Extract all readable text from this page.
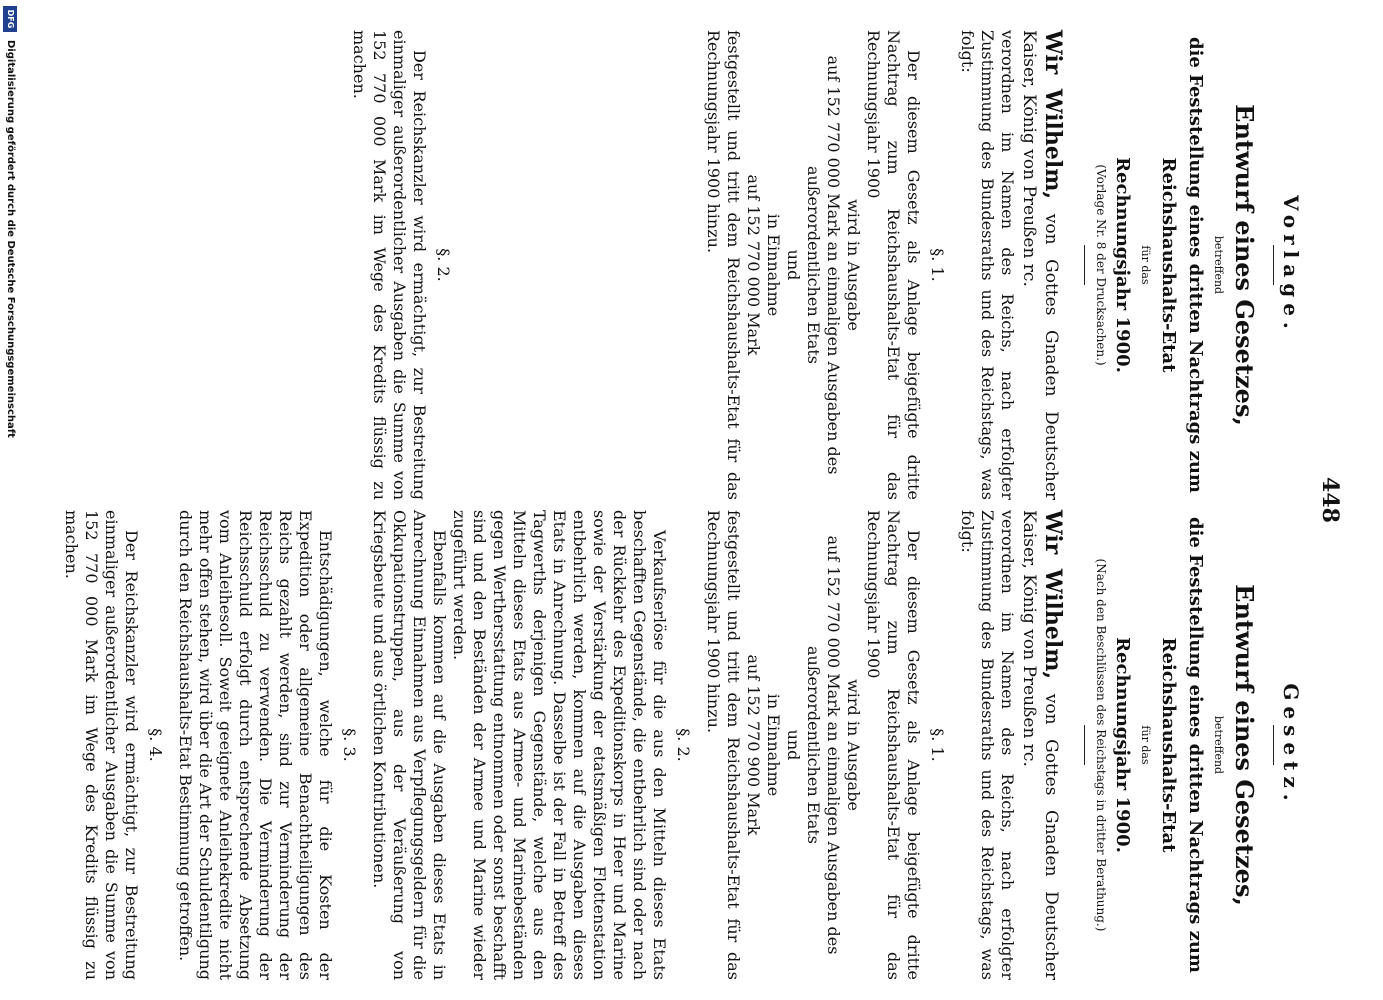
448
Vorlage.
Entwurf eines Gesetzes,
betreffend
die Feststellung eines dritten Nachtrags zum
Reichshaushalts-Etat
für das
Rechnungsjahr 1900.
(Vorlage Nr. 8 der Drucksachen.)

Wir Wilhelm, von Gottes Gnaden Deutscher Kaiser, König von Preußen rc.

verordnen im Namen des Reichs, nach erfolgter Zustimmung des Bundesraths und des Reichstags, was folgt:

§. 1.

Der diesem Gesetz als Anlage beigefügte dritte Nachtrag zum Reichshaushalts-Etat für das Rechnungsjahr 1900

wird in Ausgabe

auf 152 770 000 Mark an einmaligen Ausgaben des außerordentlichen Etats

und

in Einnahme

auf 152 770 000 Mark

festgestellt und tritt dem Reichshaushalts-Etat für das Rechnungsjahr 1900 hinzu.

§. 2.

Der Reichskanzler wird ermächtigt, zur Bestreitung einmaliger außerordentlicher Ausgaben die Summe von 152 770 000 Mark im Wege des Kredits flüssig zu machen.

Gesetz.
Entwurf eines Gesetzes,
betreffend
die Feststellung eines dritten Nachtrags zum
Reichshaushalts-Etat
für das
Rechnungsjahr 1900.
(Nach den Beschlüssen des Reichstags in dritter Berathung.)

Wir Wilhelm, von Gottes Gnaden Deutscher Kaiser, König von Preußen rc.

verordnen im Namen des Reichs, nach erfolgter Zustimmung des Bundesraths und des Reichstags, was folgt:

§. 1.

Der diesem Gesetz als Anlage beigefügte dritte Nachtrag zum Reichshaushalts-Etat für das Rechnungsjahr 1900

wird in Ausgabe

auf 152 770 000 Mark an einmaligen Ausgaben des außerordentlichen Etats

und

in Einnahme

auf 152 770 900 Mark

festgestellt und tritt dem Reichshaushalts-Etat für das Rechnungsjahr 1900 hinzu.

§. 2.

Verkaufserlöse für die aus den Mitteln dieses Etats beschafften Gegenstände, die entbehrlich sind oder nach der Rückkehr des Expeditionskorps in Heer und Marine sowie der Verstärkung der etatsmäßigen Flottenstation entbehrlich werden, kommen auf die Ausgaben dieses Etats in Anrechnung. Dasselbe ist der Fall in Betreff des Tagwerths derjenigen Gegenstände, welche aus den Mitteln dieses Etats aus Armee- und Marinebeständen gegen Werthersstattung entnommen oder sonst beschafft sind und den Beständen der Armee und Marine wieder zugeführt werden.

Ebenfalls kommen auf die Ausgaben dieses Etats in Anrechnung Einnahmen aus Verpflegungsgeldern für die Okkupationstruppen, aus der Veräußerung von Kriegsbeute und aus örtlichen Kontributionen.

§. 3.

Entschädigungen, welche für die Kosten der Expedition oder allgemeine Benachtheiligungen des Reichs gezahlt werden, sind zur Verminderung der Reichsschuld zu verwenden. Die Verminderung der Reichsschuld erfolgt durch entsprechende Absetzung vom Anleihesoll. Soweit geeignete Anleihekredite nicht mehr offen stehen, wird über die Art der Schuldentilgung durch den Reichshaushalts-Etat Bestimmung getroffen.

§. 4.

Der Reichskanzler wird ermächtigt, zur Bestreitung einmaliger außerordentlicher Ausgaben die Summe von 152 770 000 Mark im Wege des Kredits flüssig zu machen.

DFG
Digitalisierung gefördert durch die Deutsche Forschungsgemeinschaft
